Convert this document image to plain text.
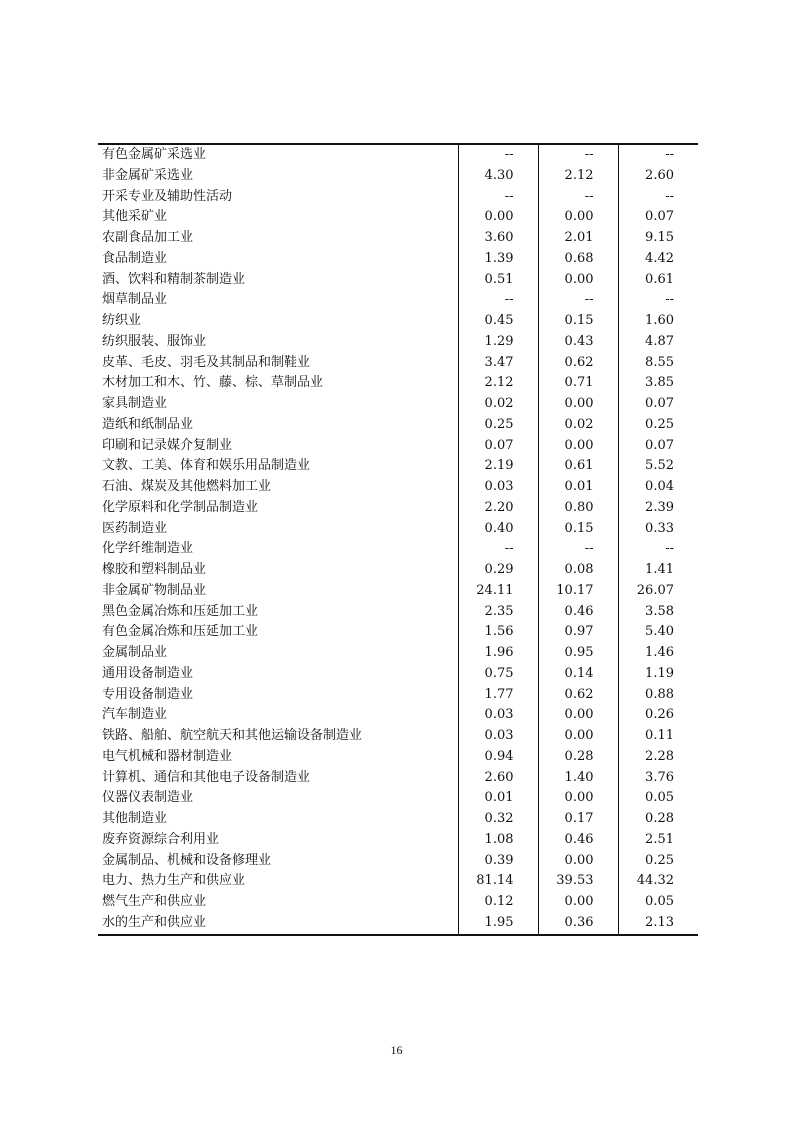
有色金属矿采选业	--	--	--
非金属矿采选业	4.30	2.12	2.60
开采专业及辅助性活动	--	--	--
其他采矿业	0.00	0.00	0.07
农副食品加工业	3.60	2.01	9.15
食品制造业	1.39	0.68	4.42
酒、饮料和精制茶制造业	0.51	0.00	0.61
烟草制品业	--	--	--
纺织业	0.45	0.15	1.60
纺织服装、服饰业	1.29	0.43	4.87
皮革、毛皮、羽毛及其制品和制鞋业	3.47	0.62	8.55
木材加工和木、竹、藤、棕、草制品业	2.12	0.71	3.85
家具制造业	0.02	0.00	0.07
造纸和纸制品业	0.25	0.02	0.25
印刷和记录媒介复制业	0.07	0.00	0.07
文教、工美、体育和娱乐用品制造业	2.19	0.61	5.52
石油、煤炭及其他燃料加工业	0.03	0.01	0.04
化学原料和化学制品制造业	2.20	0.80	2.39
医药制造业	0.40	0.15	0.33
化学纤维制造业	--	--	--
橡胶和塑料制品业	0.29	0.08	1.41
非金属矿物制品业	24.11	10.17	26.07
黑色金属冶炼和压延加工业	2.35	0.46	3.58
有色金属冶炼和压延加工业	1.56	0.97	5.40
金属制品业	1.96	0.95	1.46
通用设备制造业	0.75	0.14	1.19
专用设备制造业	1.77	0.62	0.88
汽车制造业	0.03	0.00	0.26
铁路、船舶、航空航天和其他运输设备制造业	0.03	0.00	0.11
电气机械和器材制造业	0.94	0.28	2.28
计算机、通信和其他电子设备制造业	2.60	1.40	3.76
仪器仪表制造业	0.01	0.00	0.05
其他制造业	0.32	0.17	0.28
废弃资源综合利用业	1.08	0.46	2.51
金属制品、机械和设备修理业	0.39	0.00	0.25
电力、热力生产和供应业	81.14	39.53	44.32
燃气生产和供应业	0.12	0.00	0.05
水的生产和供应业	1.95	0.36	2.13
16
